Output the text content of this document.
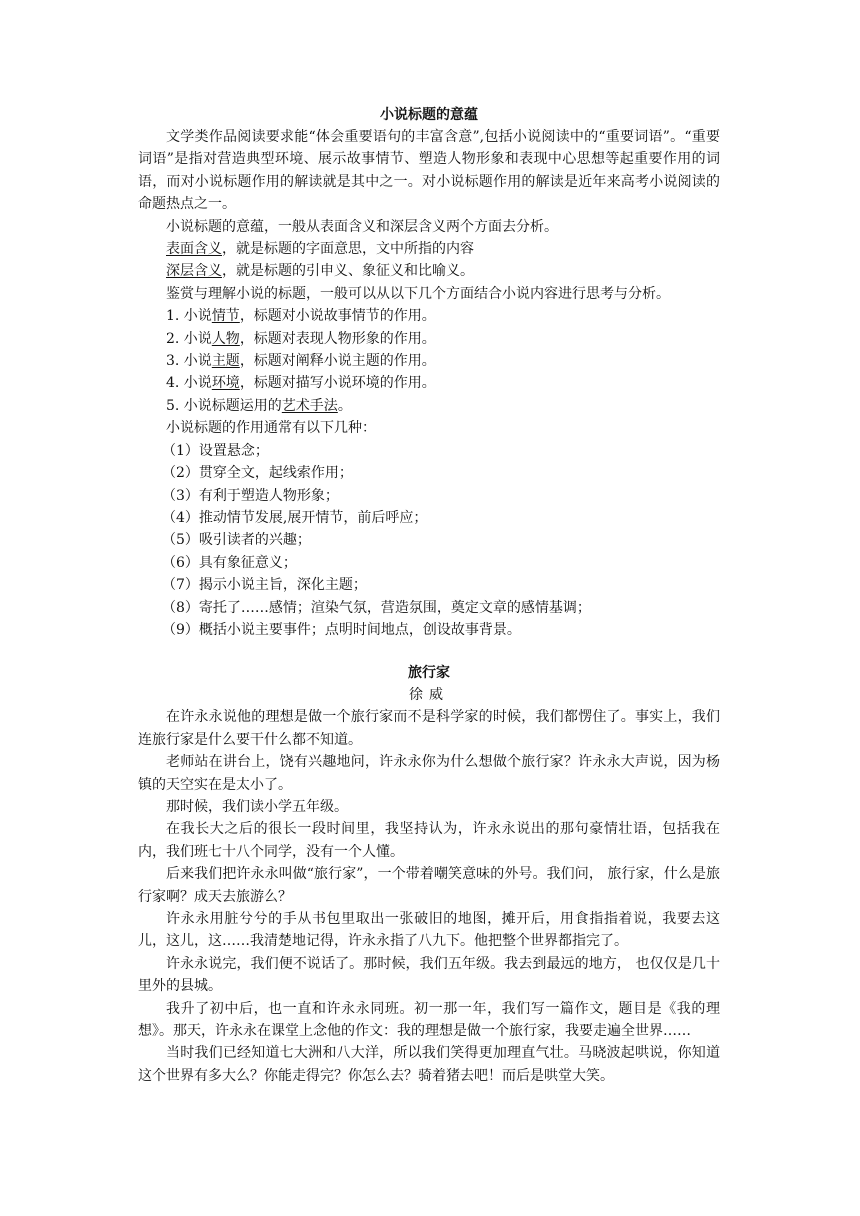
小说标题的意蕴

文学类作品阅读要求能“体会重要语句的丰富含意”,包括小说阅读中的“重要词语”。“重要词语”是指对营造典型环境、展示故事情节、塑造人物形象和表现中心思想等起重要作用的词语，而对小说标题作用的解读就是其中之一。对小说标题作用的解读是近年来高考小说阅读的命题热点之一。

小说标题的意蕴，一般从表面含义和深层含义两个方面去分析。

表面含义，就是标题的字面意思，文中所指的内容

深层含义，就是标题的引申义、象征义和比喻义。

鉴赏与理解小说的标题，一般可以从以下几个方面结合小说内容进行思考与分析。

1. 小说情节，标题对小说故事情节的作用。

2. 小说人物，标题对表现人物形象的作用。

3. 小说主题，标题对阐释小说主题的作用。

4. 小说环境，标题对描写小说环境的作用。

5. 小说标题运用的艺术手法。

小说标题的作用通常有以下几种：

（1）设置悬念；

（2）贯穿全文，起线索作用；

（3）有利于塑造人物形象；

（4）推动情节发展,展开情节，前后呼应；

（5）吸引读者的兴趣；

（6）具有象征意义；

（7）揭示小说主旨，深化主题；

（8）寄托了……感情；渲染气氛，营造氛围，奠定文章的感情基调；

（9）概括小说主要事件；点明时间地点，创设故事背景。

旅行家

徐威

在许永永说他的理想是做一个旅行家而不是科学家的时候，我们都愣住了。事实上，我们连旅行家是什么要干什么都不知道。

老师站在讲台上，饶有兴趣地问，许永永你为什么想做个旅行家？许永永大声说，因为杨镇的天空实在是太小了。

那时候，我们读小学五年级。

在我长大之后的很长一段时间里，我坚持认为，许永永说出的那句豪情壮语，包括我在内，我们班七十八个同学，没有一个人懂。

后来我们把许永永叫做“旅行家”，一个带着嘲笑意味的外号。我们问， 旅行家，什么是旅行家啊？成天去旅游么？

许永永用脏兮兮的手从书包里取出一张破旧的地图，摊开后，用食指指着说，我要去这儿，这儿，这……我清楚地记得，许永永指了八九下。他把整个世界都指完了。

许永永说完，我们便不说话了。那时候，我们五年级。我去到最远的地方， 也仅仅是几十里外的县城。

我升了初中后，也一直和许永永同班。初一那一年，我们写一篇作文，题目是《我的理想》。那天，许永永在课堂上念他的作文：我的理想是做一个旅行家，我要走遍全世界……

当时我们已经知道七大洲和八大洋，所以我们笑得更加理直气壮。马晓波起哄说，你知道这个世界有多大么？你能走得完？你怎么去？骑着猪去吧！而后是哄堂大笑。
